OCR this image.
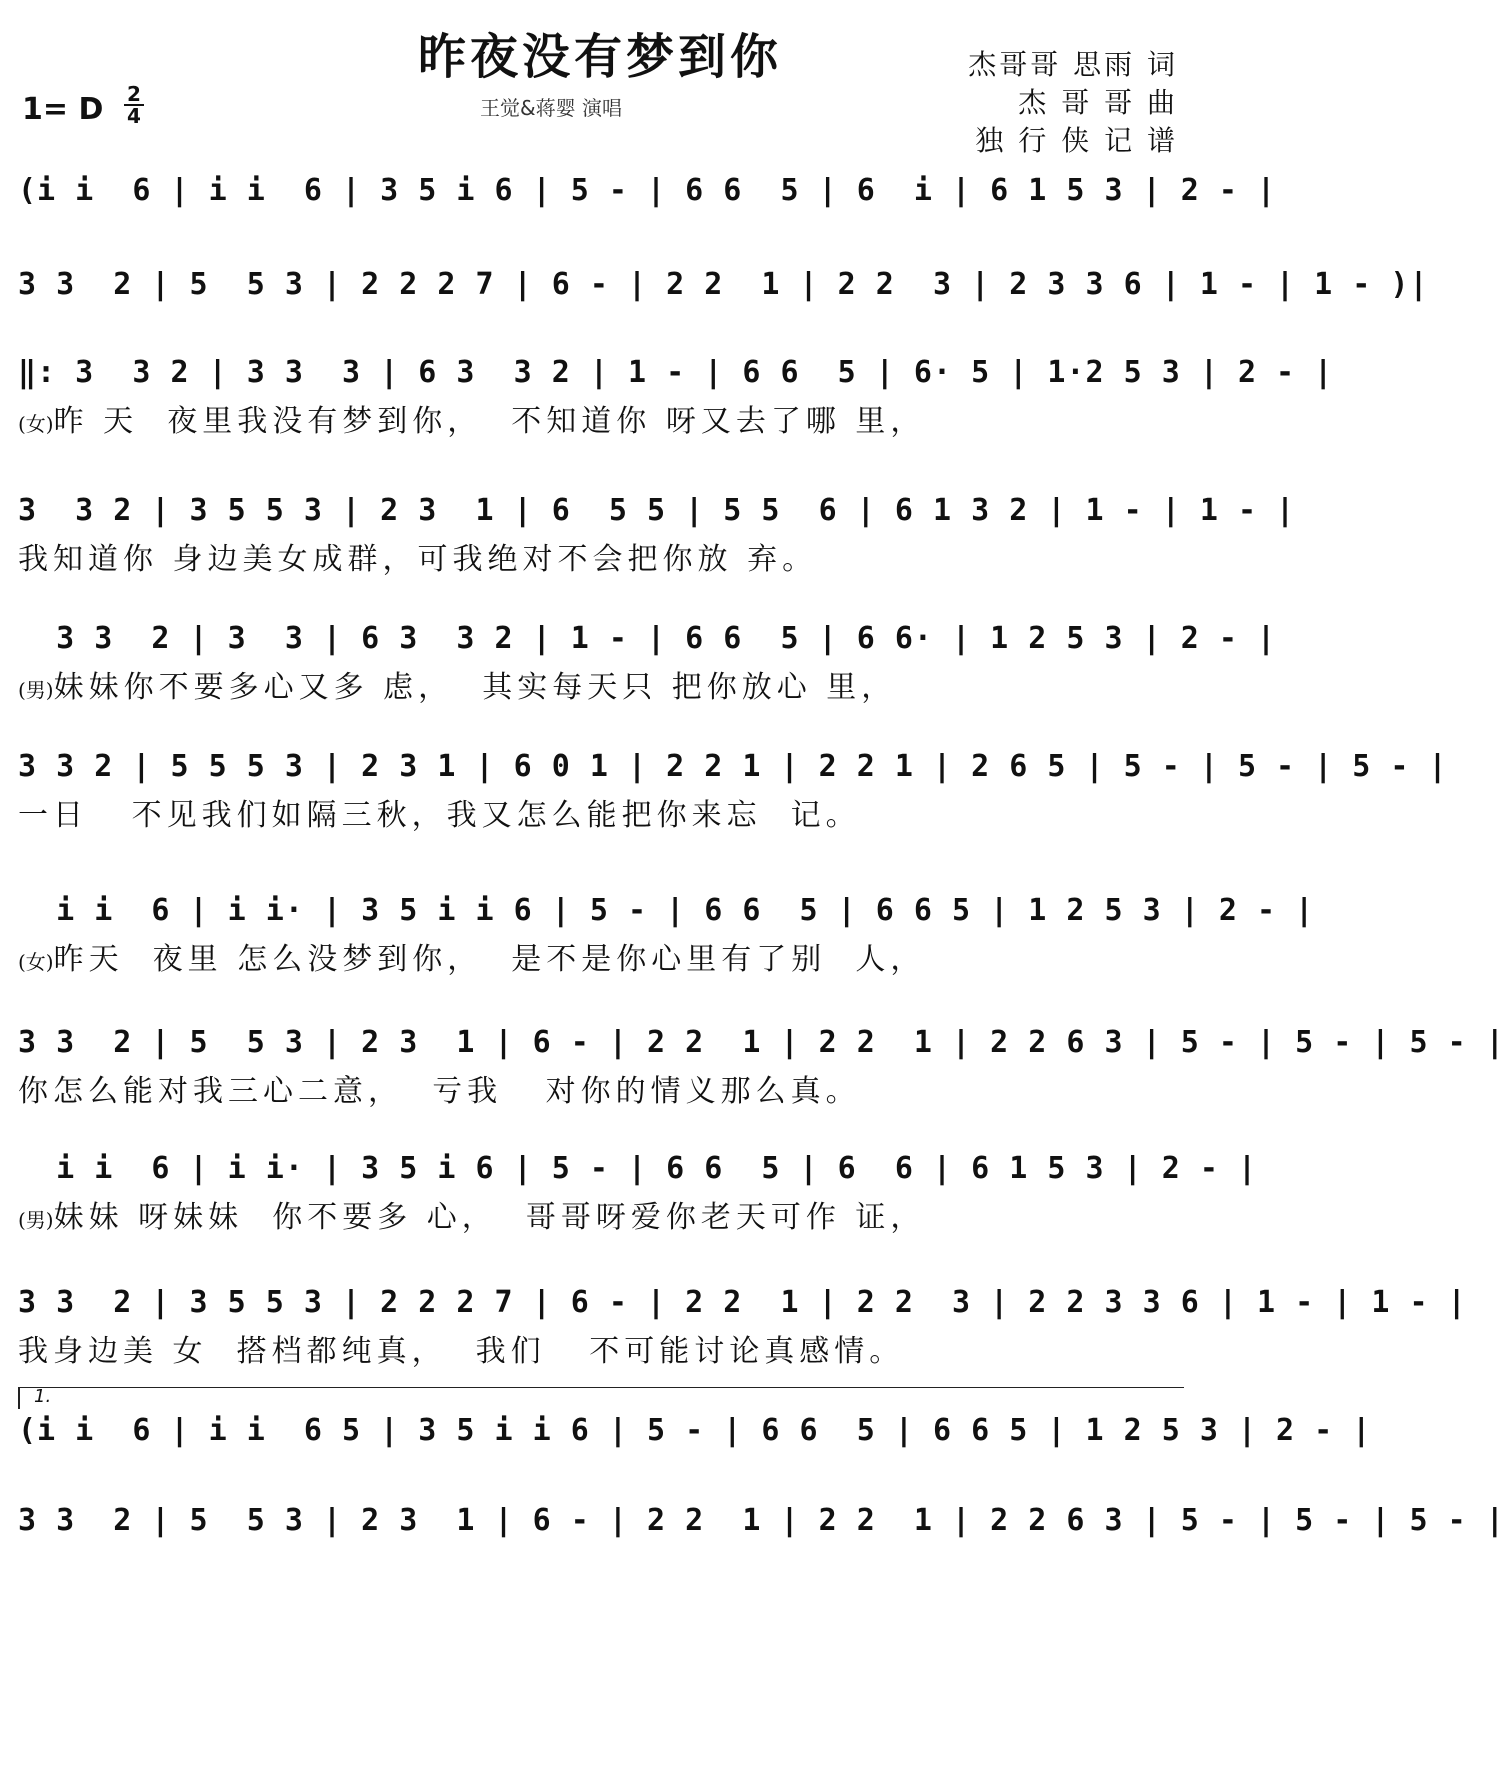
昨夜没有梦到你
王觉&蒋婴 演唱
1= D $\frac{2}{4}$
杰哥哥 思雨 词
杰 哥 哥 曲
独 行 侠 记 谱
(i i  6 | i i  6 | 3 5 i 6 | 5 - | 6 6  5 | 6  i | 6 1 5 3 | 2 - |
3 3  2 | 5  5 3 | 2 2 2 7 | 6 - | 2 2  1 | 2 2  3 | 2 3 3 6 | 1 - | 1 - )|
‖: 3  3 2 | 3 3  3 | 6 3  3 2 | 1 - | 6 6  5 | 6· 5 | 1·2 5 3 | 2 - |
(女)昨 天  夜里我没有梦到你，  不知道你 呀又去了哪 里，
3  3 2 | 3 5 5 3 | 2 3  1 | 6  5 5 | 5 5  6 | 6 1 3 2 | 1 - | 1 - |
我知道你 身边美女成群，可我绝对不会把你放 弃。
3 3  2 | 3  3 | 6 3  3 2 | 1 - | 6 6  5 | 6 6· | 1 2 5 3 | 2 - |
(男)妹妹你不要多心又多 虑，  其实每天只 把你放心 里，
3 3 2 | 5 5 5 3 | 2 3 1 | 6 0 1 | 2 2 1 | 2 2 1 | 2 6 5 | 5 - | 5 - | 5 - |
一日   不见我们如隔三秋，我又怎么能把你来忘  记。
i i  6 | i i· | 3 5 i i 6 | 5 - | 6 6  5 | 6 6 5 | 1 2 5 3 | 2 - |
(女)昨天  夜里 怎么没梦到你，  是不是你心里有了别  人，
3 3  2 | 5  5 3 | 2 3  1 | 6 - | 2 2  1 | 2 2  1 | 2 2 6 3 | 5 - | 5 - | 5 - |
你怎么能对我三心二意，  亏我   对你的情义那么真。
i i  6 | i i· | 3 5 i 6 | 5 - | 6 6  5 | 6  6 | 6 1 5 3 | 2 - |
(男)妹妹 呀妹妹  你不要多 心，  哥哥呀爱你老天可作 证，
3 3  2 | 3 5 5 3 | 2 2 2 7 | 6 - | 2 2  1 | 2 2  3 | 2 2 3 3 6 | 1 - | 1 - |
我身边美 女  搭档都纯真，  我们   不可能讨论真感情。
1.
(i i  6 | i i  6 5 | 3 5 i i 6 | 5 - | 6 6  5 | 6 6 5 | 1 2 5 3 | 2 - |
3 3  2 | 5  5 3 | 2 3  1 | 6 - | 2 2  1 | 2 2  1 | 2 2 6 3 | 5 - | 5 - | 5 - |
